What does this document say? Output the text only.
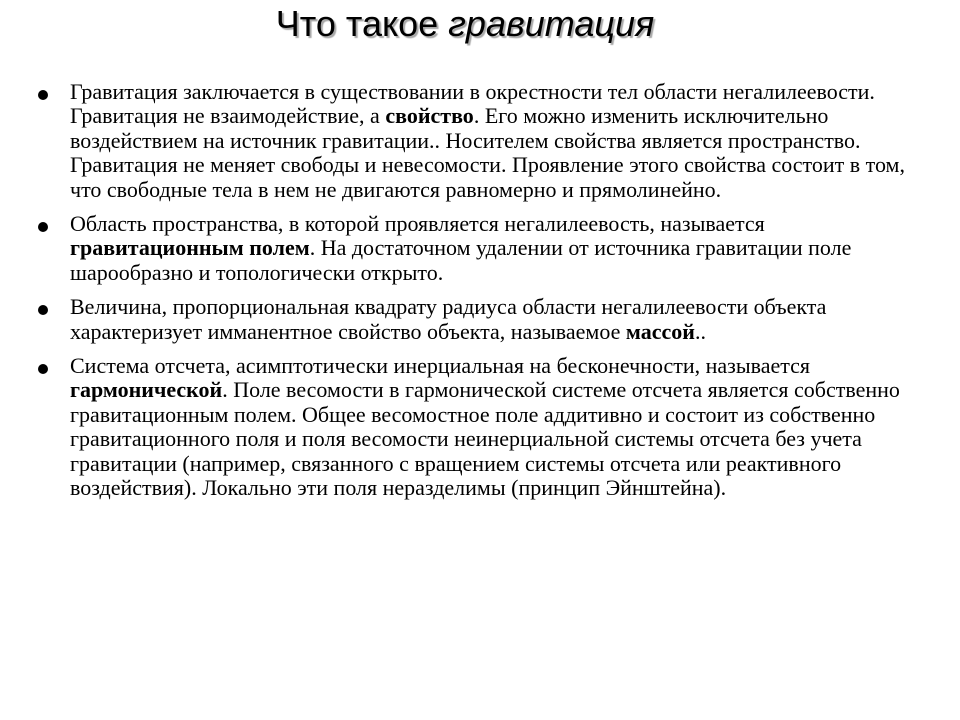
Что такое гравитация
Гравитация заключается в существовании в окрестности тел области негалилеевости. Гравитация не взаимодействие, а свойство. Его можно изменить исключительно воздействием на источник гравитации.. Носителем свойства является пространство. Гравитация не меняет свободы и невесомости. Проявление этого свойства состоит в том, что свободные тела в нем не двигаются равномерно и прямолинейно.
Область пространства, в которой проявляется негалилеевость, называется гравитационным полем. На достаточном удалении от источника гравитации поле шарообразно и топологически открыто.
Величина, пропорциональная квадрату радиуса области негалилеевости объекта характеризует имманентное свойство объекта, называемое массой..
Система отсчета, асимптотически инерциальная на бесконечности, называется гармонической. Поле весомости в гармонической системе отсчета является собственно гравитационным полем. Общее весомостное поле аддитивно и состоит из собственно гравитационного поля и поля весомости неинерциальной системы отсчета без учета гравитации (например, связанного с вращением системы отсчета или реактивного воздействия). Локально эти поля неразделимы (принцип Эйнштейна).
